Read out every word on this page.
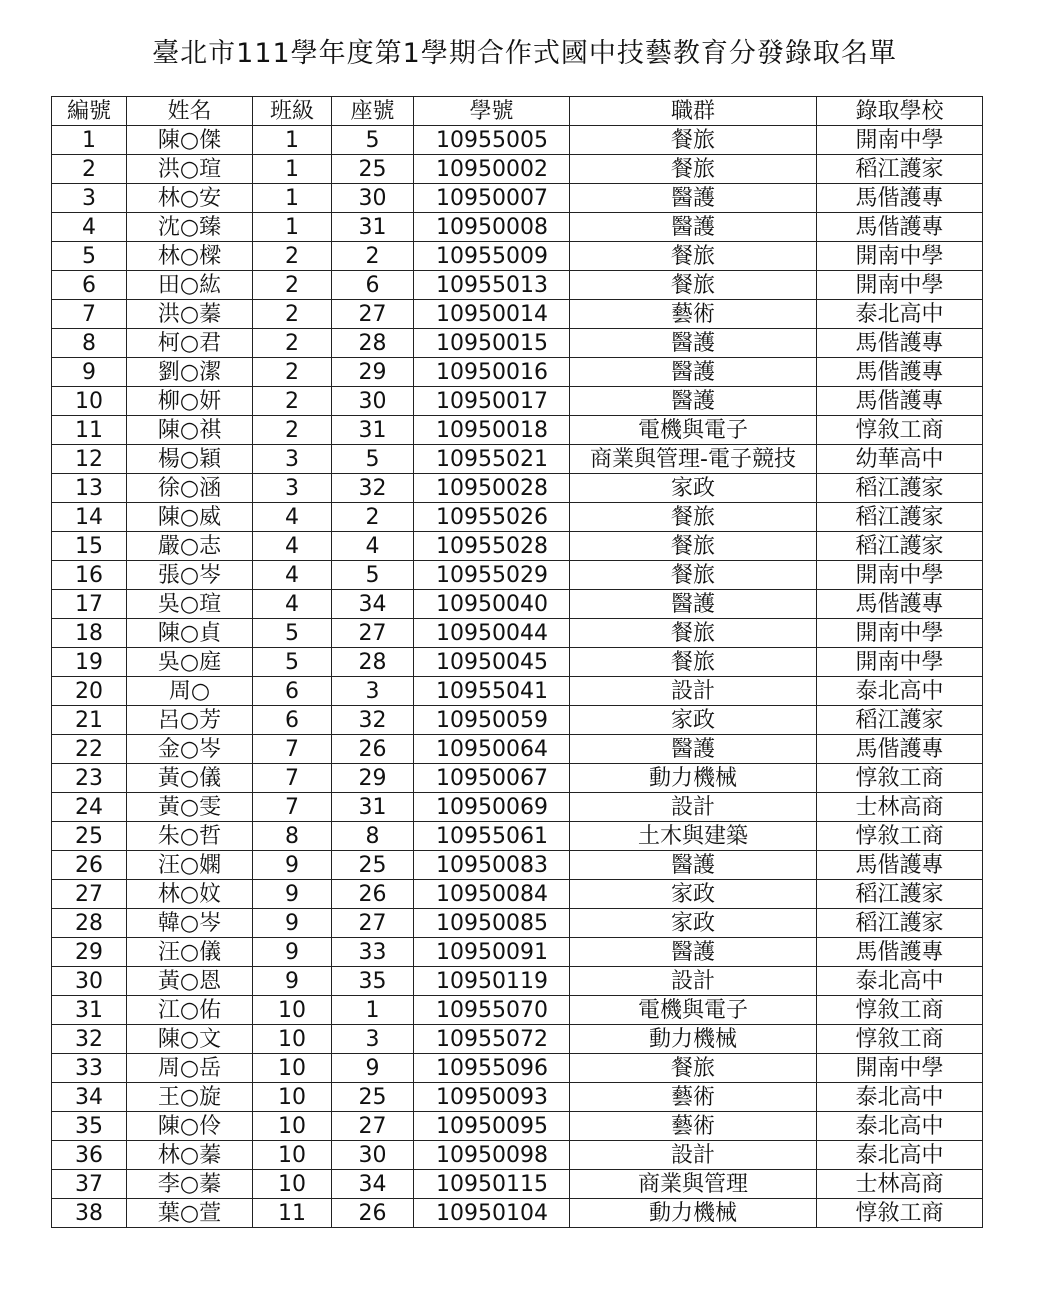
臺北市111學年度第1學期合作式國中技藝教育分發錄取名單
編號	姓名	班級	座號	學號	職群	錄取學校
1	陳○傑	1	5	10955005	餐旅	開南中學
2	洪○瑄	1	25	10950002	餐旅	稻江護家
3	林○安	1	30	10950007	醫護	馬偕護專
4	沈○臻	1	31	10950008	醫護	馬偕護專
5	林○樑	2	2	10955009	餐旅	開南中學
6	田○紘	2	6	10955013	餐旅	開南中學
7	洪○蓁	2	27	10950014	藝術	泰北高中
8	柯○君	2	28	10950015	醫護	馬偕護專
9	劉○潔	2	29	10950016	醫護	馬偕護專
10	柳○妍	2	30	10950017	醫護	馬偕護專
11	陳○祺	2	31	10950018	電機與電子	惇敘工商
12	楊○穎	3	5	10955021	商業與管理-電子競技	幼華高中
13	徐○涵	3	32	10950028	家政	稻江護家
14	陳○威	4	2	10955026	餐旅	稻江護家
15	嚴○志	4	4	10955028	餐旅	稻江護家
16	張○岑	4	5	10955029	餐旅	開南中學
17	吳○瑄	4	34	10950040	醫護	馬偕護專
18	陳○貞	5	27	10950044	餐旅	開南中學
19	吳○庭	5	28	10950045	餐旅	開南中學
20	周○	6	3	10955041	設計	泰北高中
21	呂○芳	6	32	10950059	家政	稻江護家
22	金○岑	7	26	10950064	醫護	馬偕護專
23	黃○儀	7	29	10950067	動力機械	惇敘工商
24	黃○雯	7	31	10950069	設計	士林高商
25	朱○哲	8	8	10955061	土木與建築	惇敘工商
26	汪○嫻	9	25	10950083	醫護	馬偕護專
27	林○妏	9	26	10950084	家政	稻江護家
28	韓○岑	9	27	10950085	家政	稻江護家
29	汪○儀	9	33	10950091	醫護	馬偕護專
30	黃○恩	9	35	10950119	設計	泰北高中
31	江○佑	10	1	10955070	電機與電子	惇敘工商
32	陳○文	10	3	10955072	動力機械	惇敘工商
33	周○岳	10	9	10955096	餐旅	開南中學
34	王○旋	10	25	10950093	藝術	泰北高中
35	陳○伶	10	27	10950095	藝術	泰北高中
36	林○蓁	10	30	10950098	設計	泰北高中
37	李○蓁	10	34	10950115	商業與管理	士林高商
38	葉○萱	11	26	10950104	動力機械	惇敘工商
